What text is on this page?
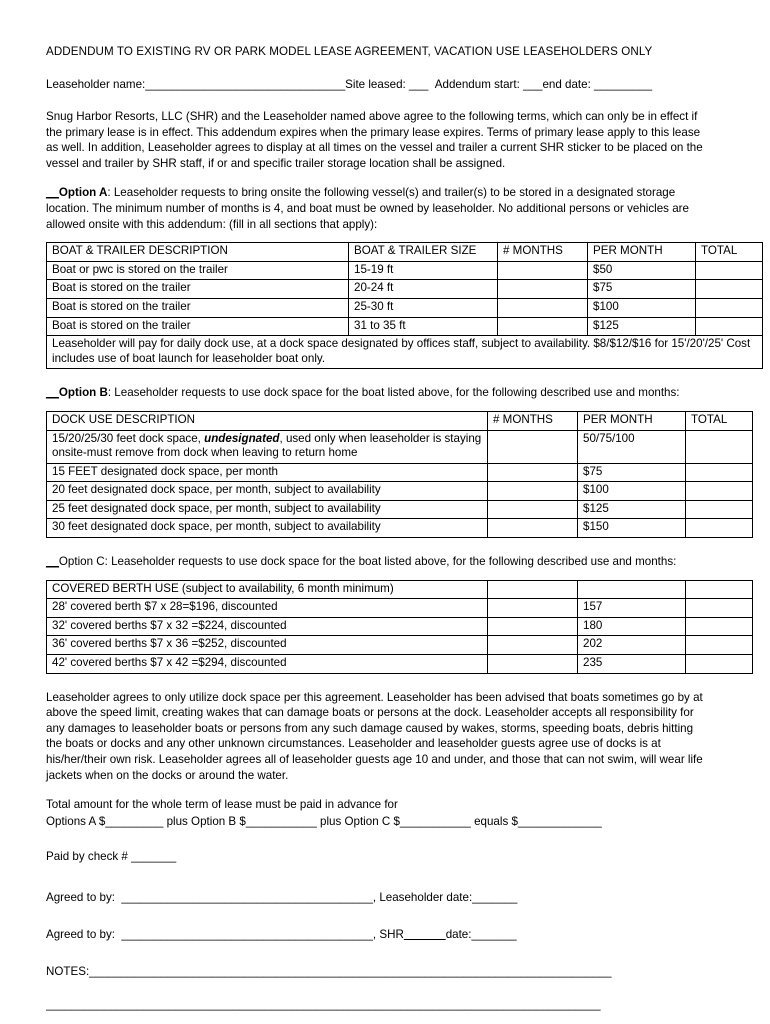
ADDENDUM TO EXISTING RV OR PARK MODEL LEASE AGREEMENT, VACATION USE LEASEHOLDERS ONLY
Leaseholder name:_______________________________Site leased: ___ Addendum start: ___end date: _________

Snug Harbor Resorts, LLC (SHR) and the Leaseholder named above agree to the following terms, which can only be in effect if the primary lease is in effect. This addendum expires when the primary lease expires. Terms of primary lease apply to this lease as well. In addition, Leaseholder agrees to display at all times on the vessel and trailer a current SHR sticker to be placed on the vessel and trailer by SHR staff, if or and specific trailer storage location shall be assigned.

__Option A: Leaseholder requests to bring onsite the following vessel(s) and trailer(s) to be stored in a designated storage location. The minimum number of months is 4, and boat must be owned by leaseholder. No additional persons or vehicles are allowed onsite with this addendum: (fill in all sections that apply):

BOAT & TRAILER DESCRIPTION	BOAT & TRAILER SIZE	# MONTHS	PER MONTH	TOTAL
Boat or pwc is stored on the trailer	15-19 ft		$50	
Boat is stored on the trailer	20-24 ft		$75	
Boat is stored on the trailer	25-30 ft		$100	
Boat is stored on the trailer	31 to 35 ft		$125	
Leaseholder will pay for daily dock use, at a dock space designated by offices staff, subject to availability. $8/$12/$16 for 15'/20'/25' Cost includes use of boat launch for leaseholder boat only.				

__Option B: Leaseholder requests to use dock space for the boat listed above, for the following described use and months:

DOCK USE DESCRIPTION	# MONTHS	PER MONTH	TOTAL
15/20/25/30 feet dock space, undesignated, used only when leaseholder is staying onsite-must remove from dock when leaving to return home		50/75/100	
15 FEET designated dock space, per month		$75	
20 feet designated dock space, per month, subject to availability		$100	
25 feet designated dock space, per month, subject to availability		$125	
30 feet designated dock space, per month, subject to availability		$150	

__Option C: Leaseholder requests to use dock space for the boat listed above, for the following described use and months:

COVERED BERTH USE (subject to availability, 6 month minimum)			
28' covered berth $7 x 28=$196, discounted		157	
32' covered berths $7 x 32 =$224, discounted		180	
36' covered berths $7 x 36 =$252, discounted		202	
42' covered berths $7 x 42 =$294, discounted		235	

Leaseholder agrees to only utilize dock space per this agreement. Leaseholder has been advised that boats sometimes go by at above the speed limit, creating wakes that can damage boats or persons at the dock. Leaseholder accepts all responsibility for any damages to leaseholder boats or persons from any such damage caused by wakes, storms, speeding boats, debris hitting the boats or docks and any other unknown circumstances. Leaseholder and leaseholder guests agree use of docks is at his/her/their own risk. Leaseholder agrees all of leaseholder guests age 10 and under, and those that can not swim, will wear life jackets when on the docks or around the water.

Total amount for the whole term of lease must be paid in advance for
Options A $_________ plus Option B $___________ plus Option C $___________ equals $_____________
Paid by check # _______
Agreed to by: _______________________________________, Leaseholder date:_______
Agreed to by: _______________________________________, SHR	date:_______
NOTES:_________________________________________________________________________________
______________________________________________________________________________________
